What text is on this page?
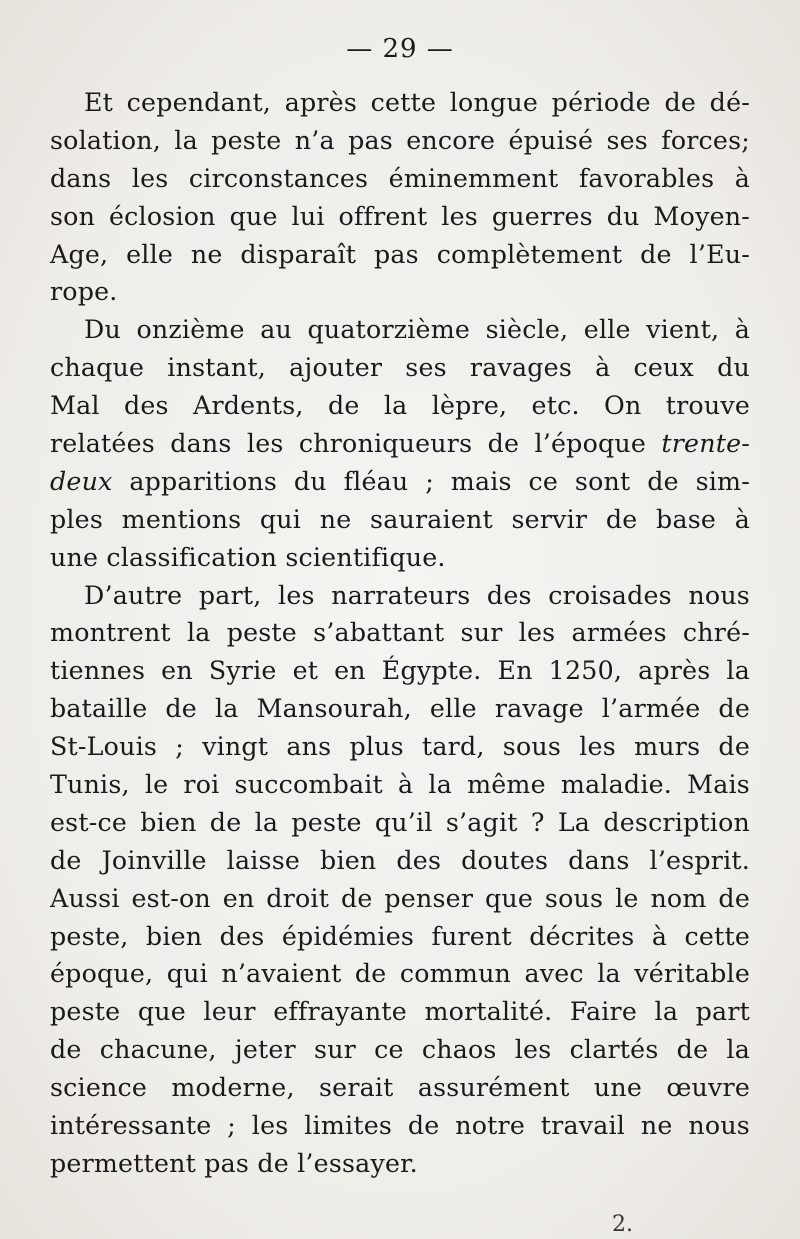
— 29 —
Et cependant, après cette longue période de dé-
solation, la peste n’a pas encore épuisé ses forces;
dans les circonstances éminemment favorables à
son éclosion que lui offrent les guerres du Moyen-
Age, elle ne disparaît pas complètement de l’Eu-
rope.
Du onzième au quatorzième siècle, elle vient, à
chaque instant, ajouter ses ravages à ceux du
Mal des Ardents, de la lèpre, etc. On trouve
relatées dans les chroniqueurs de l’époque trente-
deux apparitions du fléau ; mais ce sont de sim-
ples mentions qui ne sauraient servir de base à
une classification scientifique.
D’autre part, les narrateurs des croisades nous
montrent la peste s’abattant sur les armées chré-
tiennes en Syrie et en Égypte. En 1250, après la
bataille de la Mansourah, elle ravage l’armée de
St-Louis ; vingt ans plus tard, sous les murs de
Tunis, le roi succombait à la même maladie. Mais
est-ce bien de la peste qu’il s’agit ? La description
de Joinville laisse bien des doutes dans l’esprit.
Aussi est-on en droit de penser que sous le nom de
peste, bien des épidémies furent décrites à cette
époque, qui n’avaient de commun avec la véritable
peste que leur effrayante mortalité. Faire la part
de chacune, jeter sur ce chaos les clartés de la
science moderne, serait assurément une œuvre
intéressante ; les limites de notre travail ne nous
permettent pas de l’essayer.
2.
